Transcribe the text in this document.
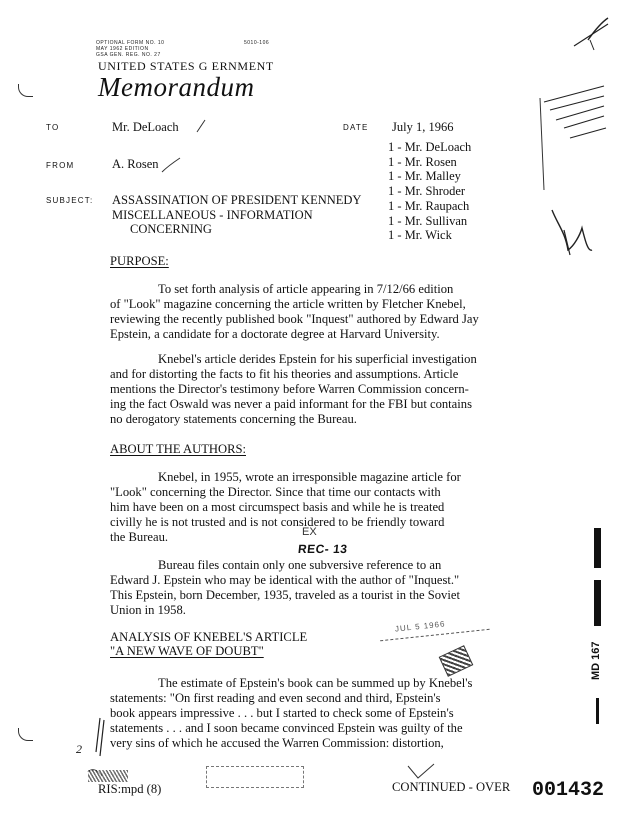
OPTIONAL FORM NO. 10
MAY 1962 EDITION
GSA GEN. REG. NO. 27
5010-106
UNITED STATES G ERNMENT
Memorandum
TO	Mr. DeLoach	DATE July 1, 1966
FROM	A. Rosen
SUBJECT: ASSASSINATION OF PRESIDENT KENNEDY
MISCELLANEOUS - INFORMATION
CONCERNING
1 - Mr. DeLoach
1 - Mr. Rosen
1 - Mr. Malley
1 - Mr. Shroder
1 - Mr. Raupach
1 - Mr. Sullivan
1 - Mr. Wick
PURPOSE:

To set forth analysis of article appearing in 7/12/66 edition

of "Look" magazine concerning the article written by Fletcher Knebel,

reviewing the recently published book "Inquest" authored by Edward Jay

Epstein, a candidate for a doctorate degree at Harvard University.

Knebel's article derides Epstein for his superficial investigation

and for distorting the facts to fit his theories and assumptions. Article

mentions the Director's testimony before Warren Commission concern-

ing the fact Oswald was never a paid informant for the FBI but contains

no derogatory statements concerning the Bureau.

ABOUT THE AUTHORS:

Knebel, in 1955, wrote an irresponsible magazine article for

"Look" concerning the Director. Since that time our contacts with

him have been on a most circumspect basis and while he is treated

civilly he is not trusted and is not considered to be friendly toward

the Bureau.	EX
REC- 13

Bureau files contain only one subversive reference to an

Edward J. Epstein who may be identical with the author of "Inquest."

This Epstein, born December, 1935, traveled as a tourist in the Soviet

Union in 1958.

ANALYSIS OF KNEBEL'S ARTICLE
"A NEW WAVE OF DOUBT"
JUL 5 1966

The estimate of Epstein's book can be summed up by Knebel's

statements: "On first reading and even second and third, Epstein's

book appears impressive . . . but I started to check some of Epstein's

statements . . . and I soon became convinced Epstein was guilty of the

very sins of which he accused the Warren Commission: distortion,

2
RIS:mpd (8)	CONTINUED - OVER 001432
MD 167
